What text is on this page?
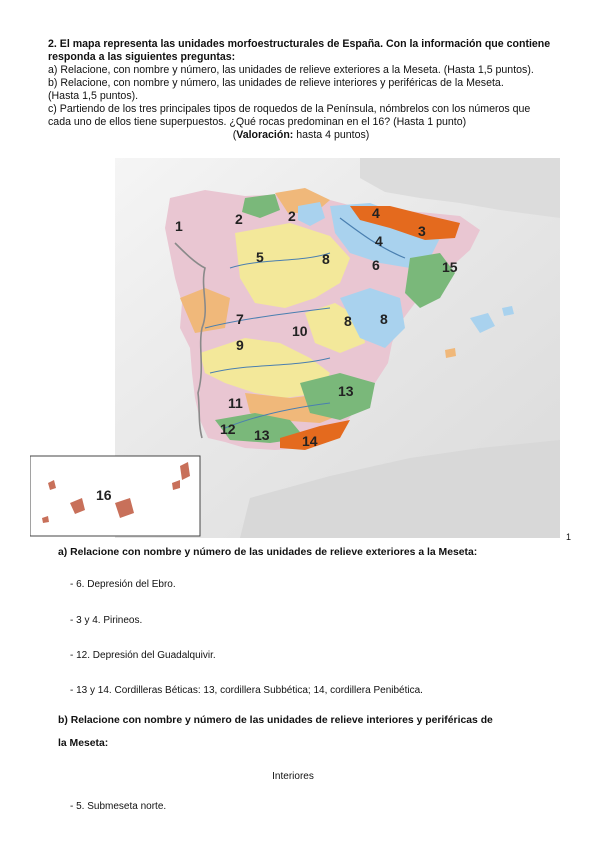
2. El mapa representa las unidades morfoestructurales de España. Con la información que contiene responda a las siguientes preguntas:
a) Relacione, con nombre y número, las unidades de relieve exteriores a la Meseta. (Hasta 1,5 puntos).
b) Relacione, con nombre y número, las unidades de relieve interiores y periféricas de la Meseta.
(Hasta 1,5 puntos).
c) Partiendo de los tres principales tipos de roquedos de la Península, nómbrelos con los números que
cada uno de ellos tiene superpuestos. ¿Qué rocas predominan en el 16? (Hasta 1 punto)
(Valoración: hasta 4 puntos)
1	2	2	4
3
4
5	8	6	15
7
10
8 8
9
13
11
12 13 14
16
1
a) Relacione con nombre y número de las unidades de relieve exteriores a la Meseta:
- 6. Depresión del Ebro.
- 3 y 4. Pirineos.
- 12. Depresión del Guadalquivir.
- 13 y 14. Cordilleras Béticas: 13, cordillera Subbética; 14, cordillera Penibética.
b) Relacione con nombre y número de las unidades de relieve interiores y periféricas de
la Meseta:
Interiores
- 5. Submeseta norte.
